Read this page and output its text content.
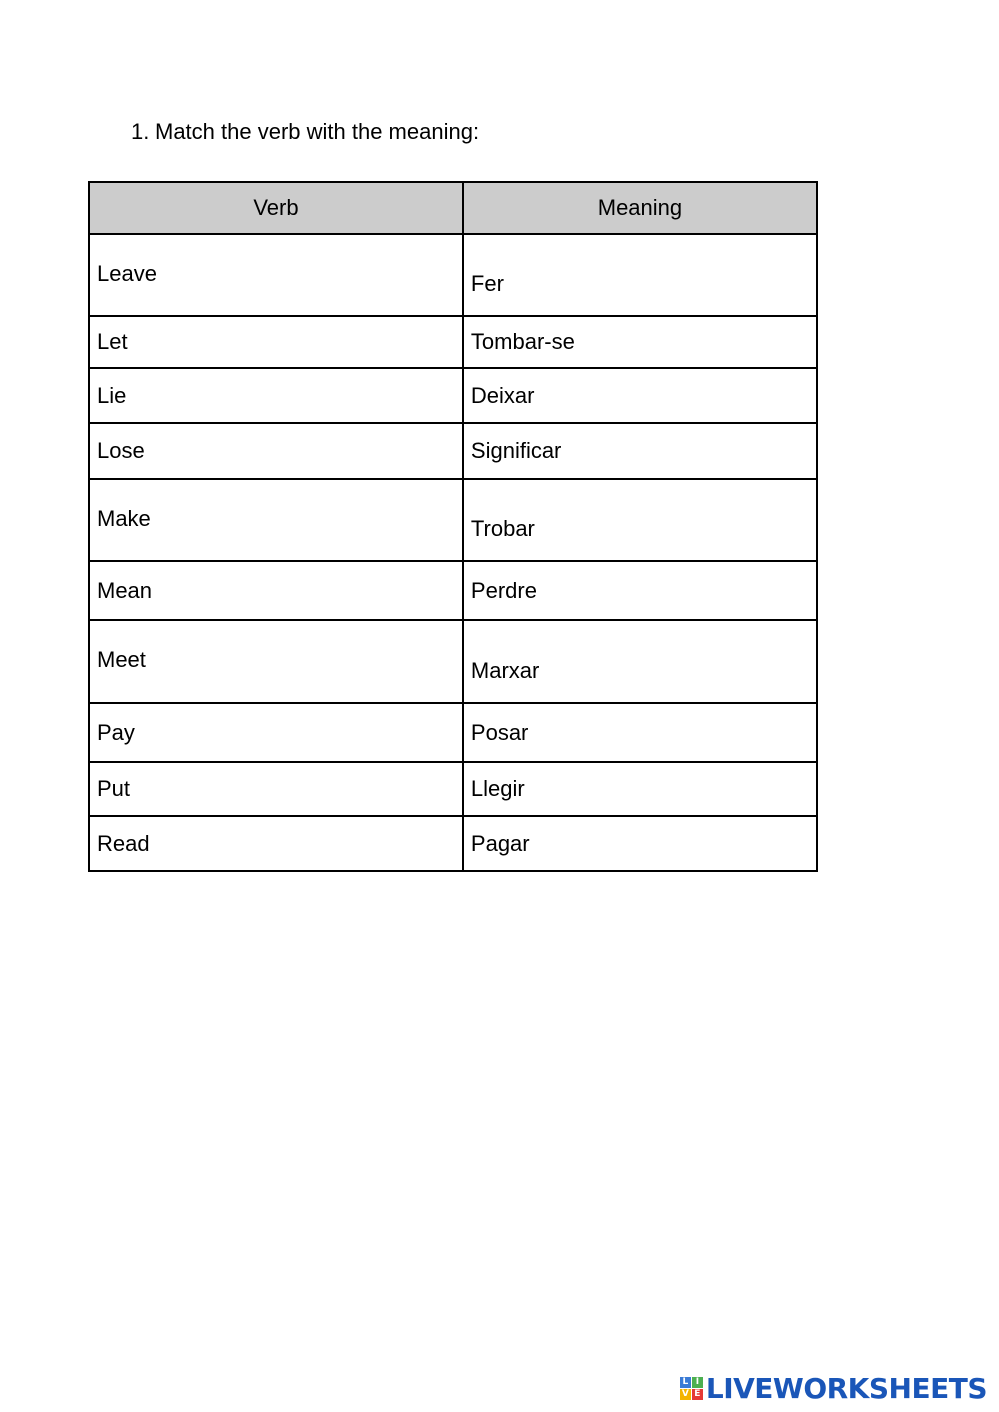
1. Match the verb with the meaning:
Verb	Meaning
Leave	Fer
Let	Tombar-se
Lie	Deixar
Lose	Significar
Make	Trobar
Mean	Perdre
Meet	Marxar
Pay	Posar
Put	Llegir
Read	Pagar
L I
V E LIVEWORKSHEETS
